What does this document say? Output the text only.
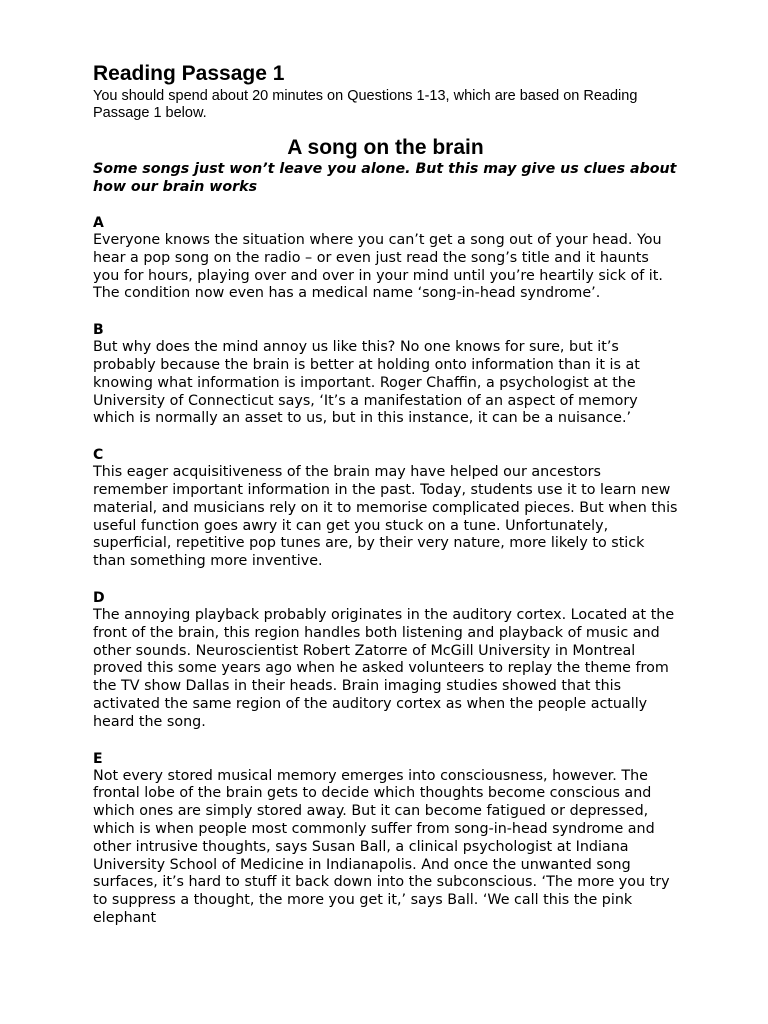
Reading Passage 1

You should spend about 20 minutes on Questions 1-13, which are based on Reading Passage 1 below.

A song on the brain

Some songs just won’t leave you alone. But this may give us clues about how our brain works

A

Everyone knows the situation where you can’t get a song out of your head. You hear a pop song on the radio – or even just read the song’s title and it haunts you for hours, playing over and over in your mind until you’re heartily sick of it. The condition now even has a medical name ‘song-in-head syndrome’.

B

But why does the mind annoy us like this? No one knows for sure, but it’s probably because the brain is better at holding onto information than it is at knowing what information is important. Roger Chaffin, a psychologist at the University of Connecticut says, ‘It’s a manifestation of an aspect of memory which is normally an asset to us, but in this instance, it can be a nuisance.’

C

This eager acquisitiveness of the brain may have helped our ancestors remember important information in the past. Today, students use it to learn new material, and musicians rely on it to memorise complicated pieces. But when this useful function goes awry it can get you stuck on a tune. Unfortunately, superficial, repetitive pop tunes are, by their very nature, more likely to stick than something more inventive.

D

The annoying playback probably originates in the auditory cortex. Located at the front of the brain, this region handles both listening and playback of music and other sounds. Neuroscientist Robert Zatorre of McGill University in Montreal proved this some years ago when he asked volunteers to replay the theme from the TV show Dallas in their heads. Brain imaging studies showed that this activated the same region of the auditory cortex as when the people actually heard the song.

E

Not every stored musical memory emerges into consciousness, however. The frontal lobe of the brain gets to decide which thoughts become conscious and which ones are simply stored away. But it can become fatigued or depressed, which is when people most commonly suffer from song-in-head syndrome and other intrusive thoughts, says Susan Ball, a clinical psychologist at Indiana University School of Medicine in Indianapolis. And once the unwanted song surfaces, it’s hard to stuff it back down into the subconscious. ‘The more you try to suppress a thought, the more you get it,’ says Ball. ‘We call this the pink elephant
